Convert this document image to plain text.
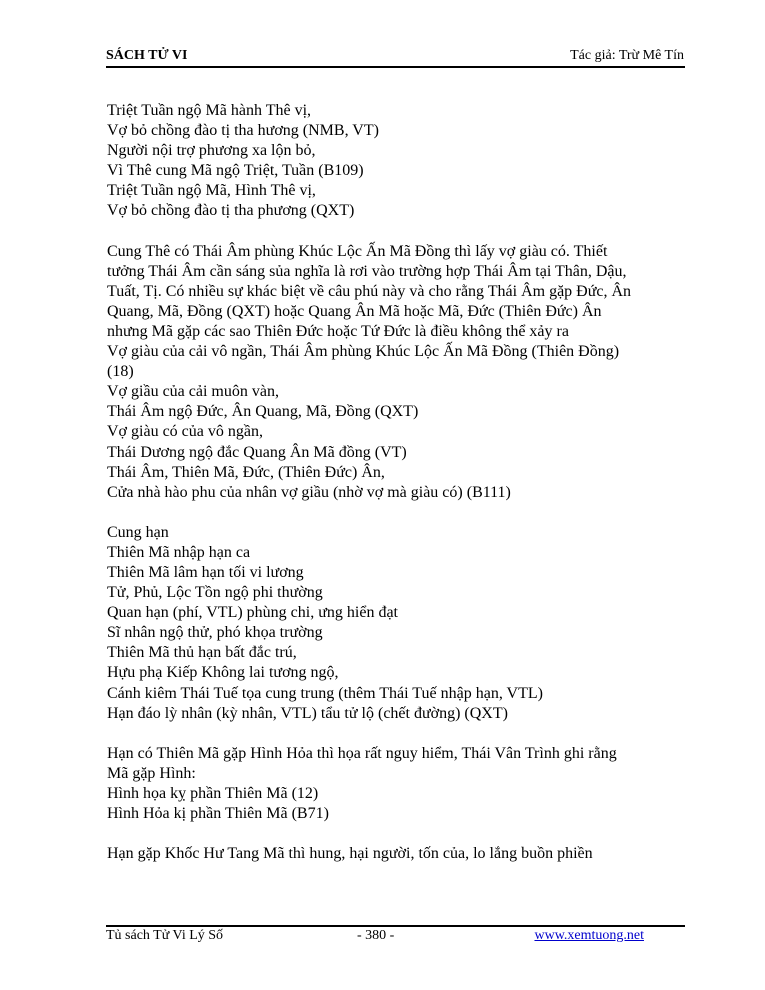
SÁCH TỬ VI	Tác giả: Trừ Mê Tín
Triệt Tuần ngộ Mã hành Thê vị,
Vợ bỏ chồng đào tị tha hương (NMB, VT)
Người nội trợ phương xa lộn bỏ,
Vì Thê cung Mã ngộ Triệt, Tuần (B109)
Triệt Tuần ngộ Mã, Hình Thê vị,
Vợ bỏ chồng đào tị tha phương (QXT)
Cung Thê có Thái Âm phùng Khúc Lộc Ấn Mã Đồng thì lấy vợ giàu có. Thiết
tưởng Thái Âm cần sáng sủa nghĩa là rơi vào trường hợp Thái Âm tại Thân, Dậu,
Tuất, Tị. Có nhiều sự khác biệt về câu phú này và cho rằng Thái Âm gặp Đức, Ân
Quang, Mã, Đồng (QXT) hoặc Quang Ân Mã hoặc Mã, Đức (Thiên Đức) Ân
nhưng Mã gặp các sao Thiên Đức hoặc Tứ Đức là điều không thể xảy ra
Vợ giàu của cải vô ngần, Thái Âm phùng Khúc Lộc Ấn Mã Đồng (Thiên Đồng)
(18)
Vợ giầu của cải muôn vàn,
Thái Âm ngộ Đức, Ân Quang, Mã, Đồng (QXT)
Vợ giàu có của vô ngần,
Thái Dương ngộ đắc Quang Ân Mã đồng (VT)
Thái Âm, Thiên Mã, Đức, (Thiên Đức) Ân,
Cửa nhà hào phu của nhân vợ giầu (nhờ vợ mà giàu có) (B111)
Cung hạn
Thiên Mã nhập hạn ca
Thiên Mã lâm hạn tối vi lương
Tử, Phủ, Lộc Tồn ngộ phi thường
Quan hạn (phí, VTL) phùng chi, ưng hiển đạt
Sĩ nhân ngộ thử, phó khọa trường
Thiên Mã thủ hạn bất đắc trú,
Hựu phạ Kiếp Không lai tương ngộ,
Cánh kiêm Thái Tuế tọa cung trung (thêm Thái Tuế nhập hạn, VTL)
Hạn đáo lỳ nhân (kỳ nhân, VTL) tẩu tử lộ (chết đường) (QXT)
Hạn có Thiên Mã gặp Hình Hỏa thì họa rất nguy hiểm, Thái Vân Trình ghi rằng
Mã gặp Hình:
Hình họa kỵ phần Thiên Mã (12)
Hình Hỏa kị phần Thiên Mã (B71)
Hạn gặp Khốc Hư Tang Mã thì hung, hại người, tốn của, lo lắng buồn phiền
Tủ sách Tử Vi Lý Số	- 380 -	www.xemtuong.net
